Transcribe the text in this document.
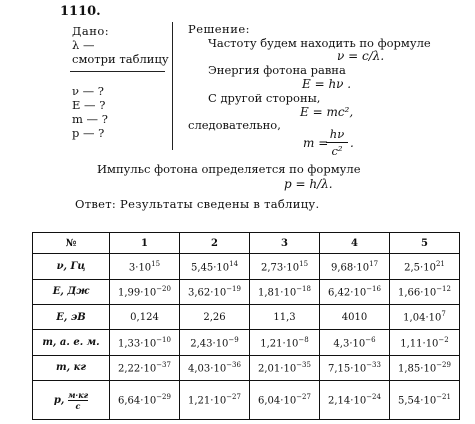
1110.
Дано:
λ —
смотри таблицу
ν — ?
E — ?
m — ?
p — ?
Решение:
Частоту будем находить по формуле
ν = c/λ.
Энергия фотона равна
E = hν .
С другой стороны,
E = mc²,
следовательно,
m =
hν
c²
.
Импульс фотона определяется по формуле
p = h/λ.
Ответ: Результаты сведены в таблицу.
№	1	2	3	4	5
ν, Гц	$3\cdot 10^{15}$	$5,45\cdot 10^{14}$	$2,73\cdot 10^{15}$	$9,68\cdot 10^{17}$	$2,5\cdot 10^{21}$
E, Дж	$1,99\cdot 10^{-20}$	$3,62\cdot 10^{-19}$	$1,81\cdot 10^{-18}$	$6,42\cdot 10^{-16}$	$1,66\cdot 10^{-12}$
E, эВ	0,124	2,26	11,3	4010	$1,04\cdot 10^7$
m, а. е. м.	$1,33\cdot 10^{-10}$	$2,43\cdot 10^{-9}$	$1,21\cdot 10^{-8}$	$4,3\cdot 10^{-6}$	$1,11\cdot 10^{-2}$
m, кг	$2,22\cdot 10^{-37}$	$4,03\cdot 10^{-36}$	$2,01\cdot 10^{-35}$	$7,15\cdot 10^{-33}$	$1,85\cdot 10^{-29}$
p, м·кг
с	$6,64\cdot 10^{-29}$	$1,21\cdot 10^{-27}$	$6,04\cdot 10^{-27}$	$2,14\cdot 10^{-24}$	$5,54\cdot 10^{-21}$
